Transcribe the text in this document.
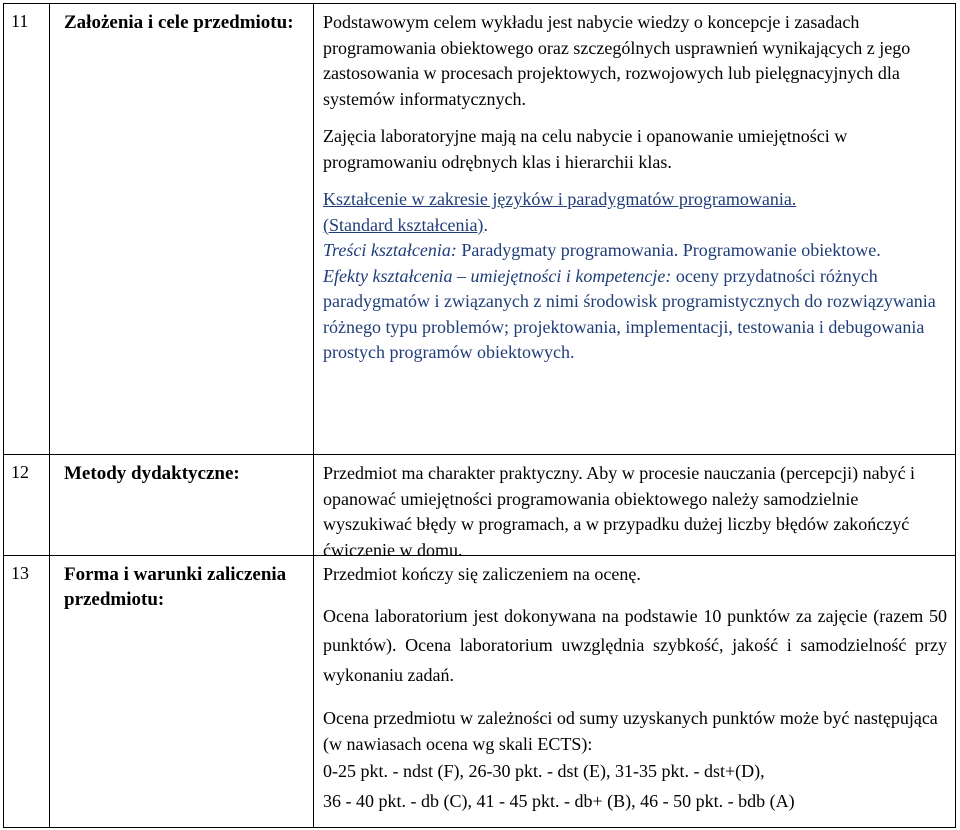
11	Założenia i cele przedmiotu:	Podstawowym celem wykładu jest nabycie wiedzy o koncepcje i zasadach programowania obiektowego oraz szczególnych usprawnień wynikających z jego zastosowania w procesach projektowych, rozwojowych lub pielęgnacyjnych dla systemów informatycznych.

Zajęcia laboratoryjne mają na celu nabycie i opanowanie umiejętności w programowaniu odrębnych klas i hierarchii klas.

Kształcenie w zakresie języków i paradygmatów programowania.

(Standard kształcenia).

Treści kształcenia: Paradygmaty programowania. Programowanie obiektowe.

Efekty kształcenia – umiejętności i kompetencje: oceny przydatności różnych paradygmatów i związanych z nimi środowisk programistycznych do rozwiązywania różnego typu problemów; projektowania, implementacji, testowania i debugowania prostych programów obiektowych.

12	Metody dydaktyczne:	Przedmiot ma charakter praktyczny. Aby w procesie nauczania (percepcji) nabyć i opanować umiejętności programowania obiektowego należy samodzielnie wyszukiwać błędy w programach, a w przypadku dużej liczby błędów zakończyć ćwiczenie w domu.

13	Forma i warunki zaliczenia przedmiotu:

Przedmiot kończy się zaliczeniem na ocenę.

Ocena laboratorium jest dokonywana na podstawie 10 punktów za zajęcie (razem 50 punktów). Ocena laboratorium uwzględnia szybkość, jakość i samodzielność przy wykonaniu zadań.

Ocena przedmiotu w zależności od sumy uzyskanych punktów może być następująca (w nawiasach ocena wg skali ECTS):

0-25 pkt. - ndst (F), 26-30 pkt. - dst (E), 31-35 pkt. - dst+(D),

36 - 40 pkt. - db (C), 41 - 45 pkt. - db+ (B), 46 - 50 pkt. - bdb (A)
